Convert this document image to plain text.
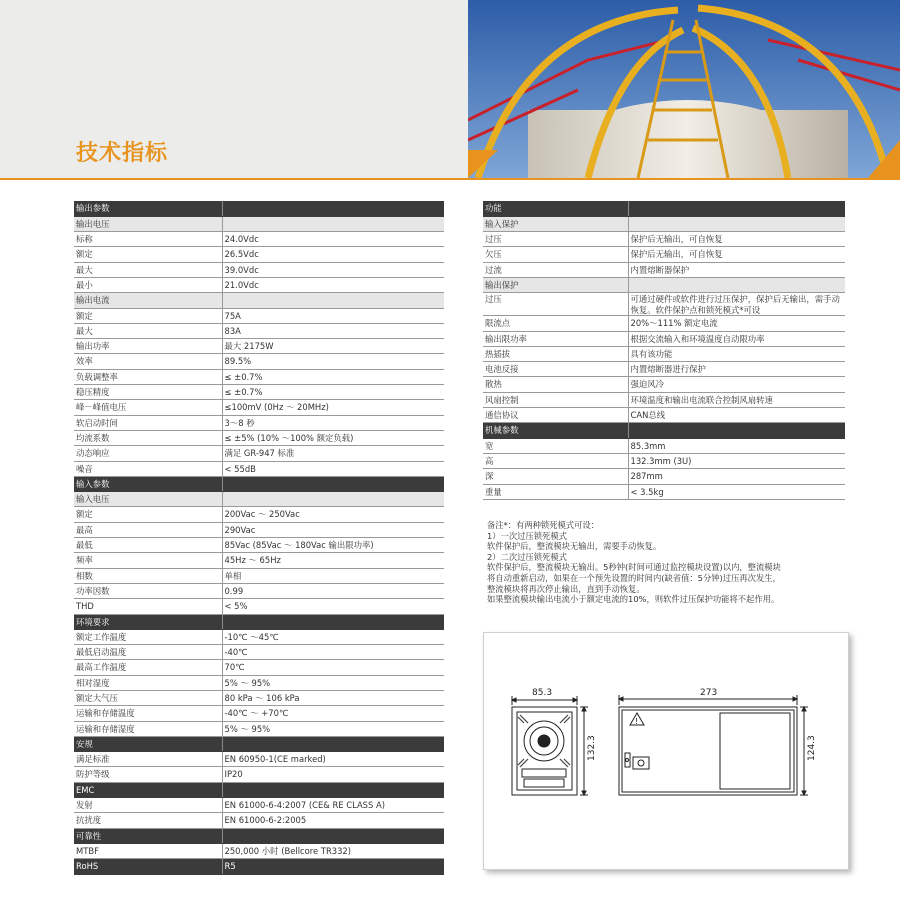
技术指标
输出参数	
输出电压	
标称	24.0Vdc
额定	26.5Vdc
最大	39.0Vdc
最小	21.0Vdc
输出电流	
额定	75A
最大	83A
输出功率	最大 2175W
效率	89.5%
负载调整率	≤ ±0.7%
稳压精度	≤ ±0.7%
峰－峰值电压	≤100mV (0Hz ～ 20MHz)
软启动时间	3～8 秒
均流系数	≤ ±5% (10% ～100% 额定负载)
动态响应	满足 GR-947 标准
噪音	< 55dB
输入参数	
输入电压	
额定	200Vac ～ 250Vac
最高	290Vac
最低	85Vac (85Vac ～ 180Vac 输出限功率)
频率	45Hz ～ 65Hz
相数	单相
功率因数	0.99
THD	< 5%
环境要求	
额定工作温度	-10℃ ～45℃
最低启动温度	-40℃
最高工作温度	70℃
相对湿度	5% ～ 95%
额定大气压	80 kPa ～ 106 kPa
运输和存储温度	-40℃ ～ +70℃
运输和存储湿度	5% ～ 95%
安规	
满足标准	EN 60950-1(CE marked)
防护等级	IP20
EMC	
发射	EN 61000-6-4:2007 (CE& RE CLASS A)
抗扰度	EN 61000-6-2:2005
可靠性	
MTBF	250,000 小时 (Bellcore TR332)
RoHS	R5
功能	
输入保护	
过压	保护后无输出，可自恢复
欠压	保护后无输出，可自恢复
过流	内置熔断器保护
输出保护	
过压	可通过硬件或软件进行过压保护，保护后无输出，需手动恢复。软件保护点和锁死模式*可设
限流点	20%～111% 额定电流
输出限功率	根据交流输入和环境温度自动限功率
热插拔	具有该功能
电池反接	内置熔断器进行保护
散热	强迫风冷
风扇控制	环境温度和输出电流联合控制风扇转速
通信协议	CAN总线
机械参数	
宽	85.3mm
高	132.3mm (3U)
深	287mm
重量	< 3.5kg
备注*：有两种锁死模式可设：
1）一次过压锁死模式
软件保护后，整流模块无输出，需要手动恢复。
2）二次过压锁死模式
软件保护后，整流模块无输出。5秒钟(时间可通过监控模块设置)以内，整流模块
将自动重新启动，如果在一个预先设置的时间内(缺省值：5分钟)过压再次发生，
整流模块将再次停止输出，直到手动恢复。
如果整流模块输出电流小于额定电流的10%，则软件过压保护功能将不起作用。
85.3
132.3
!
273
124.3
